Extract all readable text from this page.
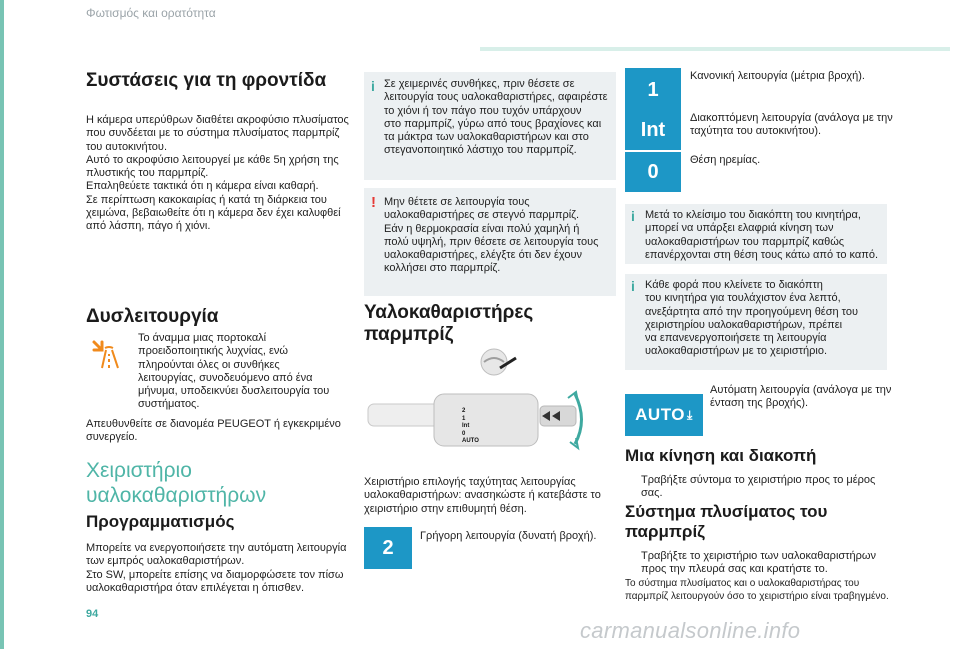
Φωτισμός και ορατότητα
Συστάσεις για τη φροντίδα
Η κάμερα υπερύθρων διαθέτει ακροφύσιο πλυσίματος
που συνδέεται με το σύστημα πλυσίματος παρμπρίζ
του αυτοκινήτου.
Αυτό το ακροφύσιο λειτουργεί με κάθε 5η χρήση της
πλυστικής του παρμπρίζ.
Επαληθεύετε τακτικά ότι η κάμερα είναι καθαρή.
Σε περίπτωση κακοκαιρίας ή κατά τη διάρκεια του
χειμώνα, βεβαιωθείτε ότι η κάμερα δεν έχει καλυφθεί
από λάσπη, πάγο ή χιόνι.
Δυσλειτουργία
Το άναμμα μιας πορτοκαλί
προειδοποιητικής λυχνίας, ενώ
πληρούνται όλες οι συνθήκες
λειτουργίας, συνοδευόμενο από ένα
μήνυμα, υποδεικνύει δυσλειτουργία του
συστήματος.
Απευθυνθείτε σε διανομέα PEUGEOT ή εγκεκριμένο
συνεργείο.
Χειριστήριο
υαλοκαθαριστήρων
Προγραμματισμός
Μπορείτε να ενεργοποιήσετε την αυτόματη λειτουργία
των εμπρός υαλοκαθαριστήρων.
Στο SW, μπορείτε επίσης να διαμορφώσετε τον πίσω
υαλοκαθαριστήρα όταν επιλέγεται η όπισθεν.
i Σε χειμερινές συνθήκες, πριν θέσετε σε
λειτουργία τους υαλοκαθαριστήρες, αφαιρέστε
το χιόνι ή τον πάγο που τυχόν υπάρχουν
στο παρμπρίζ, γύρω από τους βραχίονες και
τα μάκτρα των υαλοκαθαριστήρων και στο
στεγανοποιητικό λάστιχο του παρμπρίζ.
! Μην θέτετε σε λειτουργία τους
υαλοκαθαριστήρες σε στεγνό παρμπρίζ.
Εάν η θερμοκρασία είναι πολύ χαμηλή ή
πολύ υψηλή, πριν θέσετε σε λειτουργία τους
υαλοκαθαριστήρες, ελέγξτε ότι δεν έχουν
κολλήσει στο παρμπρίζ.
Υαλοκαθαριστήρες
παρμπρίζ
2
1
Int
0
AUTO
Χειριστήριο επιλογής ταχύτητας λειτουργίας
υαλοκαθαριστήρων: ανασηκώστε ή κατεβάστε το
χειριστήριο στην επιθυμητή θέση.
2
Γρήγορη λειτουργία (δυνατή βροχή).
1
Κανονική λειτουργία (μέτρια βροχή).
Int
Διακοπτόμενη λειτουργία (ανάλογα με την
ταχύτητα του αυτοκινήτου).
0
Θέση ηρεμίας.
i Μετά το κλείσιμο του διακόπτη του κινητήρα,
μπορεί να υπάρξει ελαφριά κίνηση των
υαλοκαθαριστήρων του παρμπρίζ καθώς
επανέρχονται στη θέση τους κάτω από το καπό.
i Κάθε φορά που κλείνετε το διακόπτη
του κινητήρα για τουλάχιστον ένα λεπτό,
ανεξάρτητα από την προηγούμενη θέση του
χειριστηρίου υαλοκαθαριστήρων, πρέπει
να επανενεργοποιήσετε τη λειτουργία
υαλοκαθαριστήρων με το χειριστήριο.
AUTO ⤓
Αυτόματη λειτουργία (ανάλογα με την
ένταση της βροχής).
Μια κίνηση και διακοπή
Τραβήξτε σύντομα το χειριστήριο προς το μέρος
σας.
Σύστημα πλυσίματος του
παρμπρίζ
Τραβήξτε το χειριστήριο των υαλοκαθαριστήρων
προς την πλευρά σας και κρατήστε το.
Το σύστημα πλυσίματος και ο υαλοκαθαριστήρας του
παρμπρίζ λειτουργούν όσο το χειριστήριο είναι τραβηγμένο.
94
carmanualsonline.info
